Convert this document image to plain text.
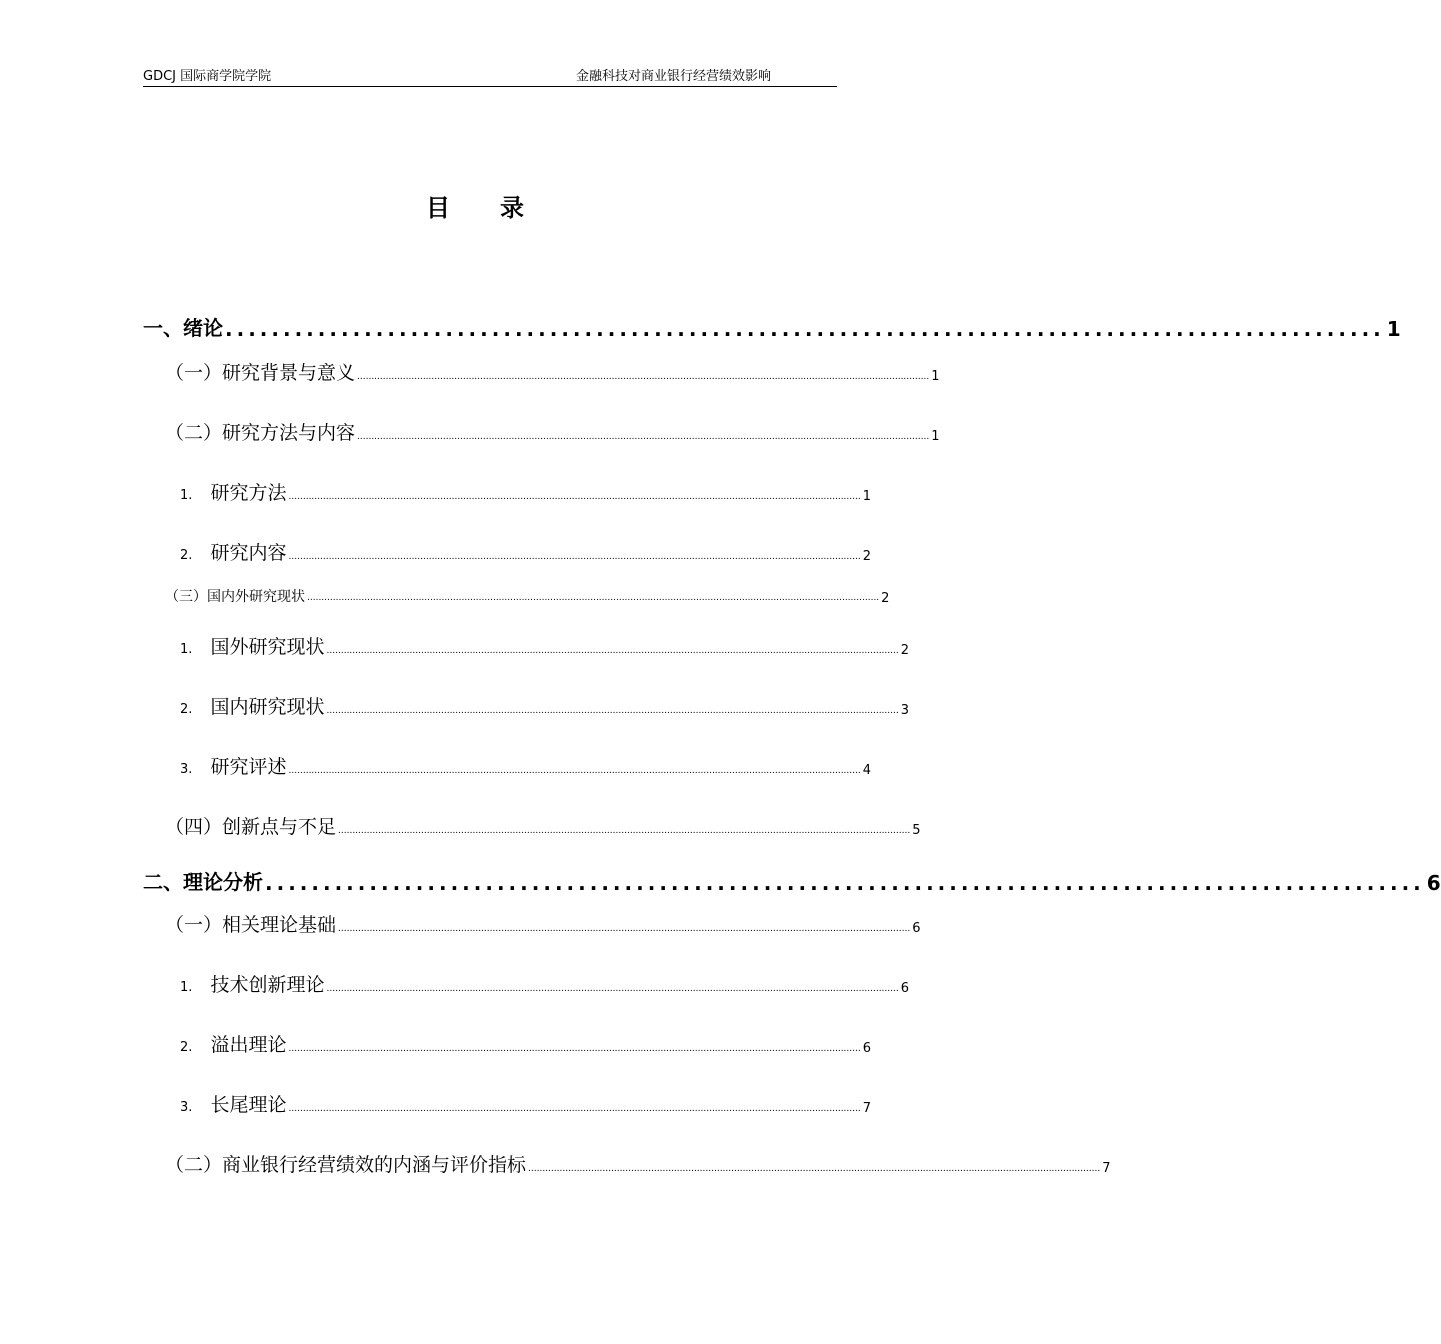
GDCJ 国际商学院学院	金融科技对商业银行经营绩效影响
目 录
一、绪论 .................................................................................................... 1
（一）研究背景与意义 ........................................................................................................................................................................................................ 1
（二）研究方法与内容 ........................................................................................................................................................................................................ 1
1. 研究方法 ........................................................................................................................................................................................................ 1
2. 研究内容 ........................................................................................................................................................................................................ 2
（三）国内外研究现状 ........................................................................................................................................................................................................ 2
1. 国外研究现状 ........................................................................................................................................................................................................ 2
2. 国内研究现状 ........................................................................................................................................................................................................ 3
3. 研究评述 ........................................................................................................................................................................................................ 4
（四）创新点与不足 ........................................................................................................................................................................................................ 5
二、理论分析 .................................................................................................... 6
（一）相关理论基础 ........................................................................................................................................................................................................ 6
1. 技术创新理论 ........................................................................................................................................................................................................ 6
2. 溢出理论 ........................................................................................................................................................................................................ 6
3. 长尾理论 ........................................................................................................................................................................................................ 7
（二）商业银行经营绩效的内涵与评价指标 ........................................................................................................................................................................................................ 7
